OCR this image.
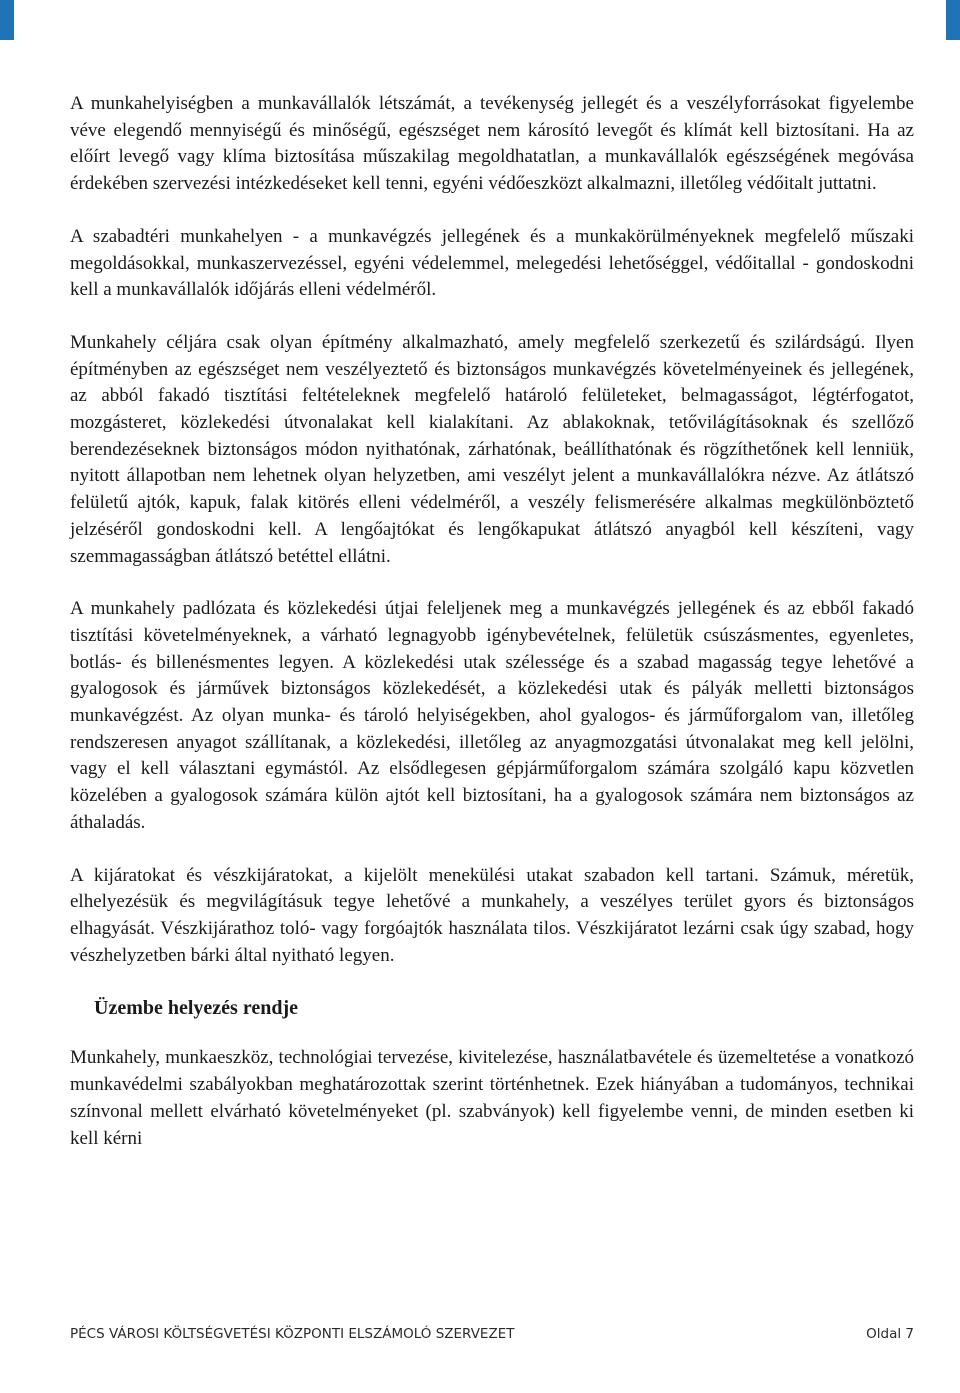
A munkahelyiségben a munkavállalók létszámát, a tevékenység jellegét és a veszélyforrásokat figyelembe véve elegendő mennyiségű és minőségű, egészséget nem károsító levegőt és klímát kell biztosítani. Ha az előírt levegő vagy klíma biztosítása műszakilag megoldhatatlan, a munkavállalók egészségének megóvása érdekében szervezési intézkedéseket kell tenni, egyéni védőeszközt alkalmazni, illetőleg védőitalt juttatni.

A szabadtéri munkahelyen - a munkavégzés jellegének és a munkakörülményeknek megfelelő műszaki megoldásokkal, munkaszervezéssel, egyéni védelemmel, melegedési lehetőséggel, védőitallal - gondoskodni kell a munkavállalók időjárás elleni védelméről.

Munkahely céljára csak olyan építmény alkalmazható, amely megfelelő szerkezetű és szilárdságú. Ilyen építményben az egészséget nem veszélyeztető és biztonságos munkavégzés követelményeinek és jellegének, az abból fakadó tisztítási feltételeknek megfelelő határoló felületeket, belmagasságot, légtérfogatot, mozgásteret, közlekedési útvonalakat kell kialakítani. Az ablakoknak, tetővilágításoknak és szellőző berendezéseknek biztonságos módon nyithatónak, zárhatónak, beállíthatónak és rögzíthetőnek kell lenniük, nyitott állapotban nem lehetnek olyan helyzetben, ami veszélyt jelent a munkavállalókra nézve. Az átlátszó felületű ajtók, kapuk, falak kitörés elleni védelméről, a veszély felismerésére alkalmas megkülönböztető jelzéséről gondoskodni kell. A lengőajtókat és lengőkapukat átlátszó anyagból kell készíteni, vagy szemmagasságban átlátszó betéttel ellátni.

A munkahely padlózata és közlekedési útjai feleljenek meg a munkavégzés jellegének és az ebből fakadó tisztítási követelményeknek, a várható legnagyobb igénybevételnek, felületük csúszásmentes, egyenletes, botlás- és billenésmentes legyen. A közlekedési utak szélessége és a szabad magasság tegye lehetővé a gyalogosok és járművek biztonságos közlekedését, a közlekedési utak és pályák melletti biztonságos munkavégzést. Az olyan munka- és tároló helyiségekben, ahol gyalogos- és járműforgalom van, illetőleg rendszeresen anyagot szállítanak, a közlekedési, illetőleg az anyagmozgatási útvonalakat meg kell jelölni, vagy el kell választani egymástól. Az elsődlegesen gépjárműforgalom számára szolgáló kapu közvetlen közelében a gyalogosok számára külön ajtót kell biztosítani, ha a gyalogosok számára nem biztonságos az áthaladás.

A kijáratokat és vészkijáratokat, a kijelölt menekülési utakat szabadon kell tartani. Számuk, méretük, elhelyezésük és megvilágításuk tegye lehetővé a munkahely, a veszélyes terület gyors és biztonságos elhagyását. Vészkijárathoz toló- vagy forgóajtók használata tilos. Vészkijáratot lezárni csak úgy szabad, hogy vészhelyzetben bárki által nyitható legyen.

Üzembe helyezés rendje

Munkahely, munkaeszköz, technológiai tervezése, kivitelezése, használatbavétele és üzemeltetése a vonatkozó munkavédelmi szabályokban meghatározottak szerint történhetnek. Ezek hiányában a tudományos, technikai színvonal mellett elvárható követelményeket (pl. szabványok) kell figyelembe venni, de minden esetben ki kell kérni

PÉCS VÁROSI KÖLTSÉGVETÉSI KÖZPONTI ELSZÁMOLÓ SZERVEZET	Oldal 7
